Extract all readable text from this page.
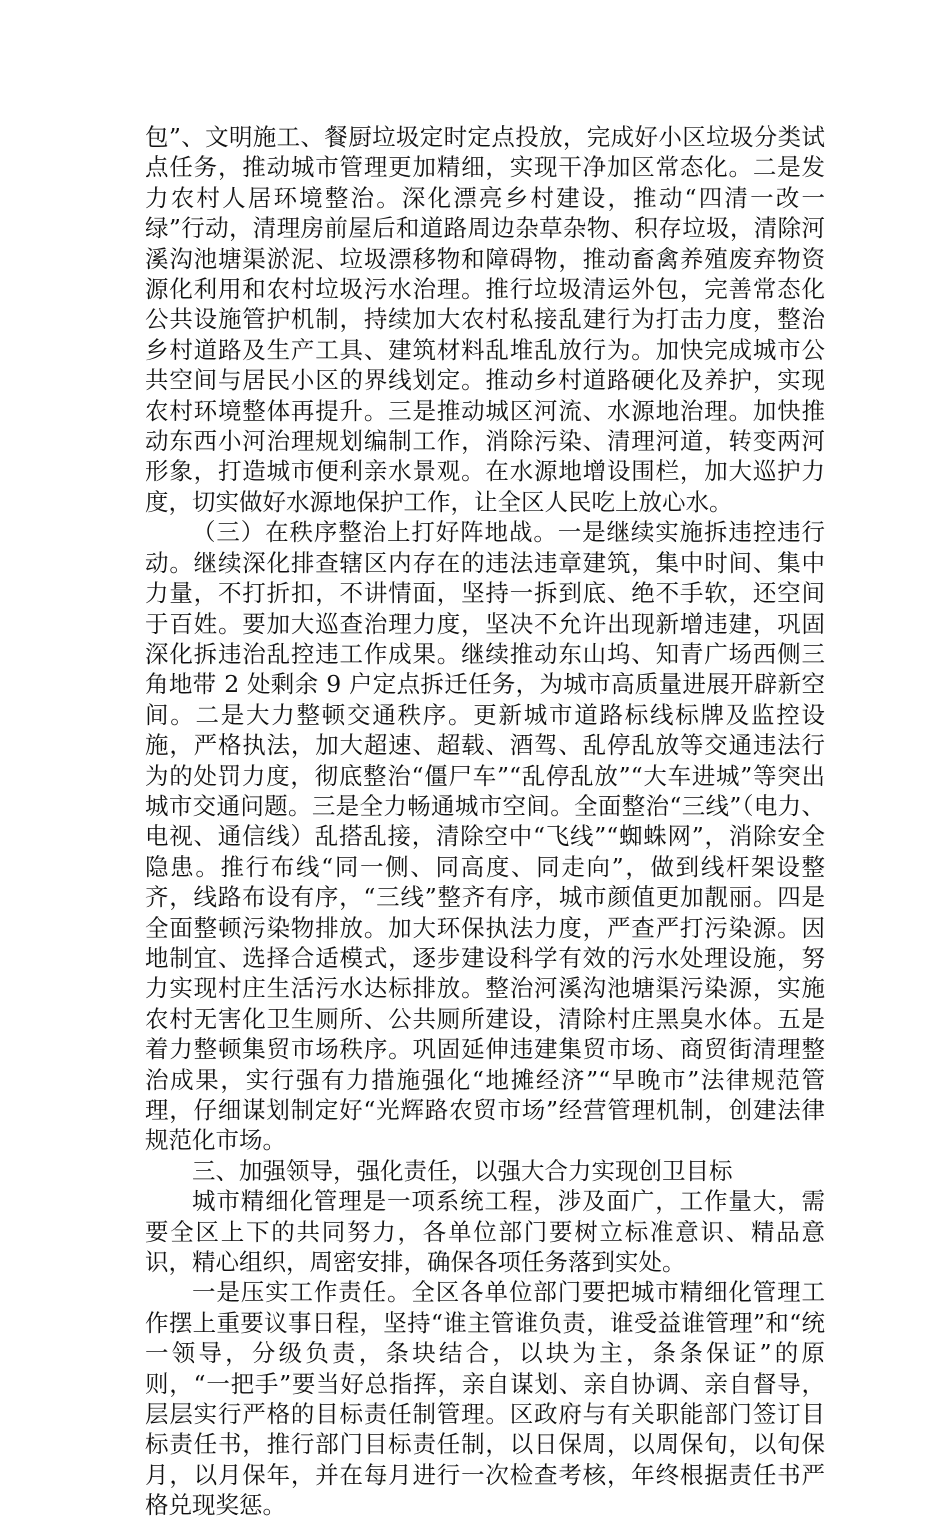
包”、文明施工、餐厨垃圾定时定点投放，完成好小区垃圾分类试点任务，推动城市管理更加精细，实现干净加区常态化。二是发力农村人居环境整治。深化漂亮乡村建设，推动“四清一改一绿”行动，清理房前屋后和道路周边杂草杂物、积存垃圾，清除河溪沟池塘渠淤泥、垃圾漂移物和障碍物，推动畜禽养殖废弃物资源化利用和农村垃圾污水治理。推行垃圾清运外包，完善常态化公共设施管护机制，持续加大农村私接乱建行为打击力度，整治乡村道路及生产工具、建筑材料乱堆乱放行为。加快完成城市公共空间与居民小区的界线划定。推动乡村道路硬化及养护，实现农村环境整体再提升。三是推动城区河流、水源地治理。加快推动东西小河治理规划编制工作，消除污染、清理河道，转变两河形象，打造城市便利亲水景观。在水源地增设围栏，加大巡护力度，切实做好水源地保护工作，让全区人民吃上放心水。

（三）在秩序整治上打好阵地战。一是继续实施拆违控违行动。继续深化排查辖区内存在的违法违章建筑，集中时间、集中力量，不打折扣，不讲情面，坚持一拆到底、绝不手软，还空间于百姓。要加大巡查治理力度，坚决不允许出现新增违建，巩固深化拆违治乱控违工作成果。继续推动东山坞、知青广场西侧三角地带 2 处剩余 9 户定点拆迁任务，为城市高质量进展开辟新空间。二是大力整顿交通秩序。更新城市道路标线标牌及监控设施，严格执法，加大超速、超载、酒驾、乱停乱放等交通违法行为的处罚力度，彻底整治“僵尸车”“乱停乱放”“大车进城”等突出城市交通问题。三是全力畅通城市空间。全面整治“三线”（电力、电视、通信线）乱搭乱接，清除空中“飞线”“蜘蛛网”，消除安全隐患。推行布线“同一侧、同高度、同走向”，做到线杆架设整齐，线路布设有序，“三线”整齐有序，城市颜值更加靓丽。四是全面整顿污染物排放。加大环保执法力度，严查严打污染源。因地制宜、选择合适模式，逐步建设科学有效的污水处理设施，努力实现村庄生活污水达标排放。整治河溪沟池塘渠污染源，实施农村无害化卫生厕所、公共厕所建设，清除村庄黑臭水体。五是着力整顿集贸市场秩序。巩固延伸违建集贸市场、商贸街清理整治成果，实行强有力措施强化“地摊经济”“早晚市”法律规范管理，仔细谋划制定好“光辉路农贸市场”经营管理机制，创建法律规范化市场。

三、加强领导，强化责任，以强大合力实现创卫目标

城市精细化管理是一项系统工程，涉及面广，工作量大，需要全区上下的共同努力，各单位部门要树立标准意识、精品意识，精心组织，周密安排，确保各项任务落到实处。

一是压实工作责任。全区各单位部门要把城市精细化管理工作摆上重要议事日程，坚持“谁主管谁负责，谁受益谁管理”和“统一领导，分级负责，条块结合，以块为主，条条保证”的原则，“一把手”要当好总指挥，亲自谋划、亲自协调、亲自督导，层层实行严格的目标责任制管理。区政府与有关职能部门签订目标责任书，推行部门目标责任制，以日保周，以周保旬，以旬保月，以月保年，并在每月进行一次检查考核，年终根据责任书严格兑现奖惩。
